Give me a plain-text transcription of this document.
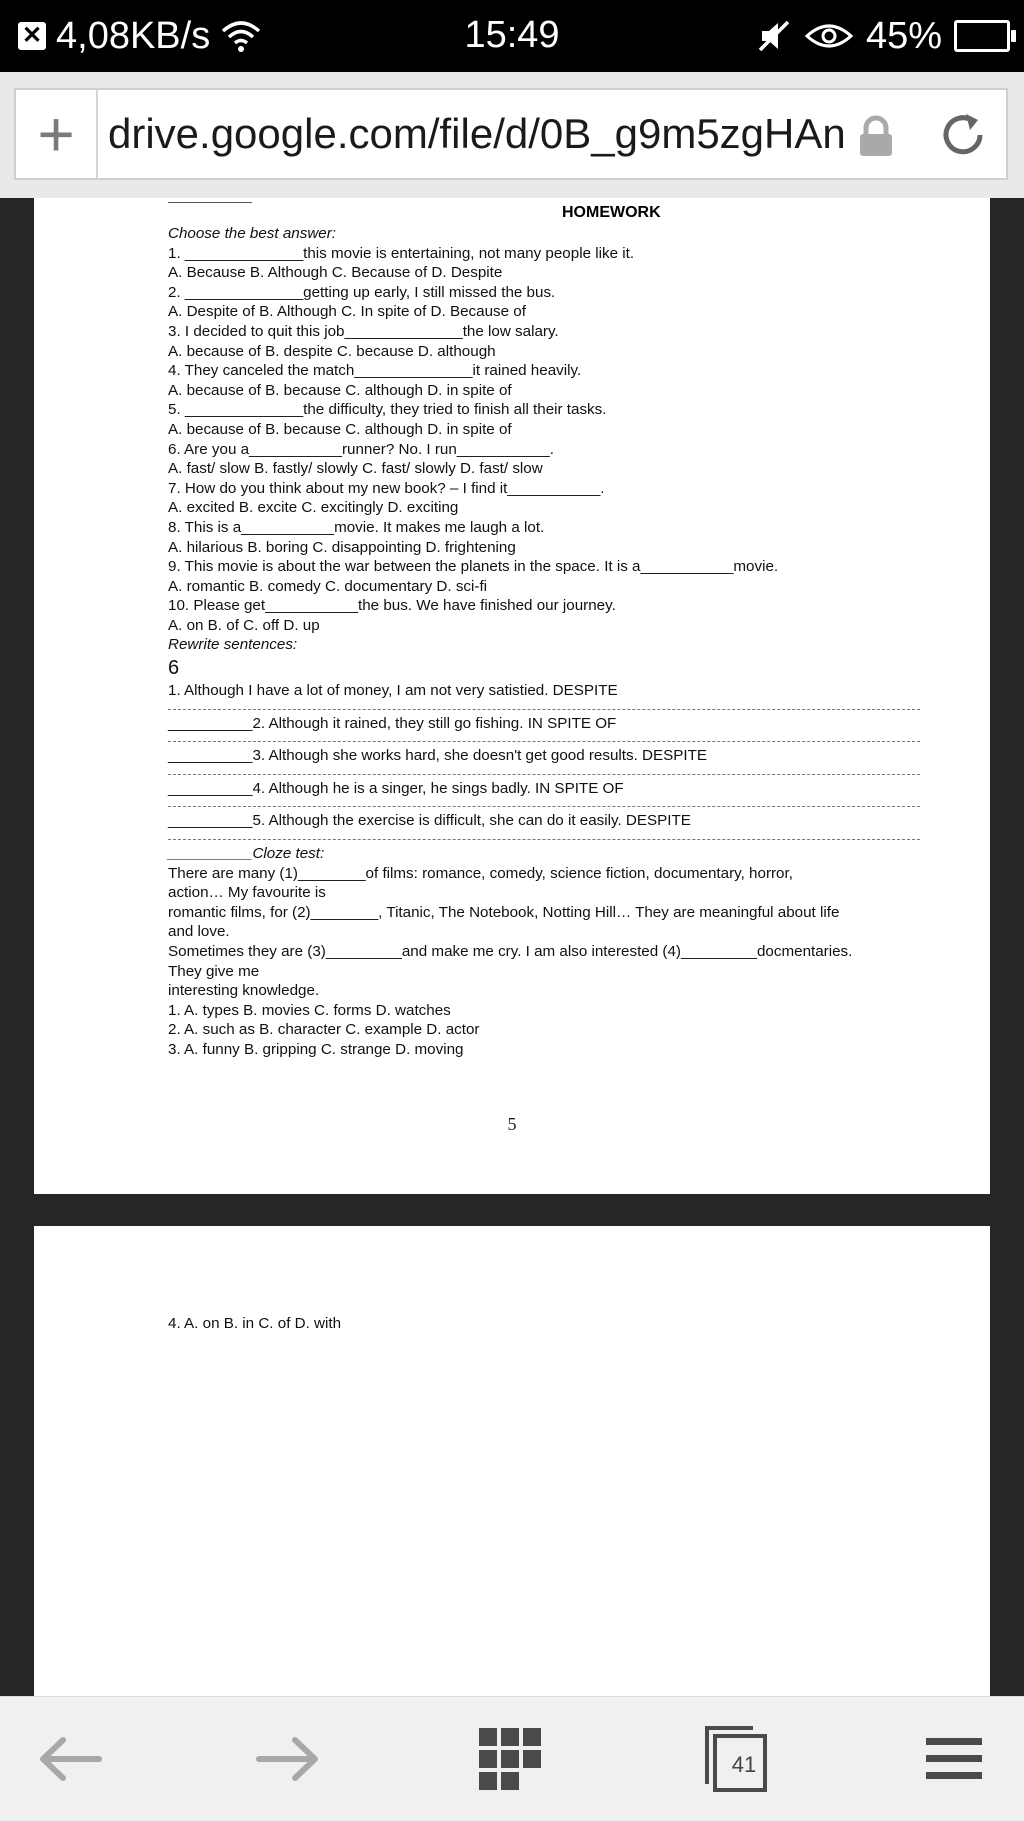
✕ 4,08KB/s	15:49	45%
+ drive.google.com/file/d/0B_g9m5zgHAn
HOMEWORK
Choose the best answer:
1. ______________this movie is entertaining, not many people like it.
A. Because B. Although C. Because of D. Despite
2. ______________getting up early, I still missed the bus.
A. Despite of B. Although C. In spite of D. Because of
3. I decided to quit this job______________the low salary.
A. because of B. despite C. because D. although
4. They canceled the match______________it rained heavily.
A. because of B. because C. although D. in spite of
5. ______________the difficulty, they tried to finish all their tasks.
A. because of B. because C. although D. in spite of
6. Are you a___________runner? No. I run___________.
A. fast/ slow B. fastly/ slowly C. fast/ slowly D. fast/ slow
7. How do you think about my new book? – I find it___________.
A. excited B. excite C. excitingly D. exciting
8. This is a___________movie. It makes me laugh a lot.
A. hilarious B. boring C. disappointing D. frightening
9. This movie is about the war between the planets in the space. It is a___________movie.
A. romantic B. comedy C. documentary D. sci-fi
10. Please get___________the bus. We have finished our journey.
A. on B. of C. off D. up
Rewrite sentences:
6
1. Although I have a lot of money, I am not very satistied. DESPITE
__________2. Although it rained, they still go fishing. IN SPITE OF
__________3. Although she works hard, she doesn't get good results. DESPITE
__________4. Although he is a singer, he sings badly. IN SPITE OF
__________5. Although the exercise is difficult, she can do it easily. DESPITE
__________Cloze test:
There are many (1)________of films: romance, comedy, science fiction, documentary, horror,
action… My favourite is
romantic films, for (2)________, Titanic, The Notebook, Notting Hill… They are meaningful about life
and love.
Sometimes they are (3)_________and make me cry. I am also interested (4)_________docmentaries.
They give me
interesting knowledge.
1. A. types B. movies C. forms D. watches
2. A. such as B. character C. example D. actor
3. A. funny B. gripping C. strange D. moving
5
4. A. on B. in C. of D. with
41
